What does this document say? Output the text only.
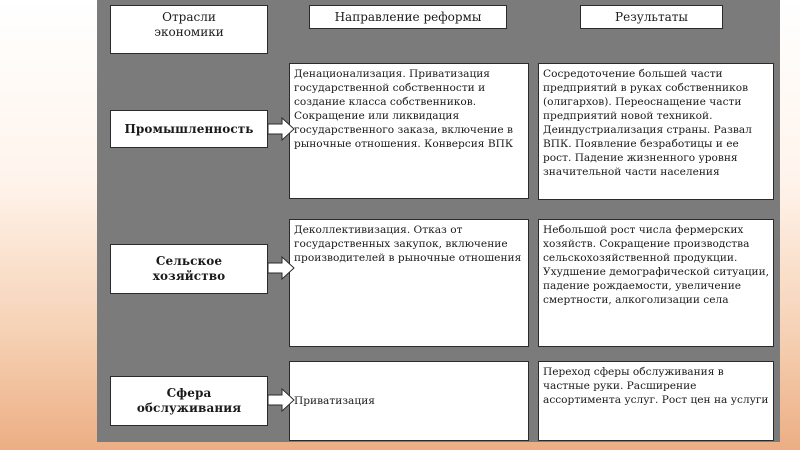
Отрасли
экономики
Направление реформы	Результаты
Промышленность
Денационализация. Приватизация государственной собственности и создание класса собственников. Сокращение или ликвидация государственного заказа, включение в рыночные отношения. Конверсия ВПК
Сосредоточение большей части предприятий в руках собственников (олигархов). Переоснащение части предприятий новой техникой. Деиндустриализация страны. Развал ВПК. Появление безработицы и ее рост. Падение жизненного уровня значительной части населения
Сельское
хозяйство
Деколлективизация. Отказ от государственных закупок, включение производителей в рыночные отношения
Небольшой рост числа фермерских хозяйств. Сокращение производства сельскохозяйственной продукции. Ухудшение демографической ситуации, падение рождаемости, увеличение смертности, алкоголизации села
Сфера
обслуживания	Приватизация
Переход сферы обслуживания в частные руки. Расширение ассортимента услуг. Рост цен на услуги
